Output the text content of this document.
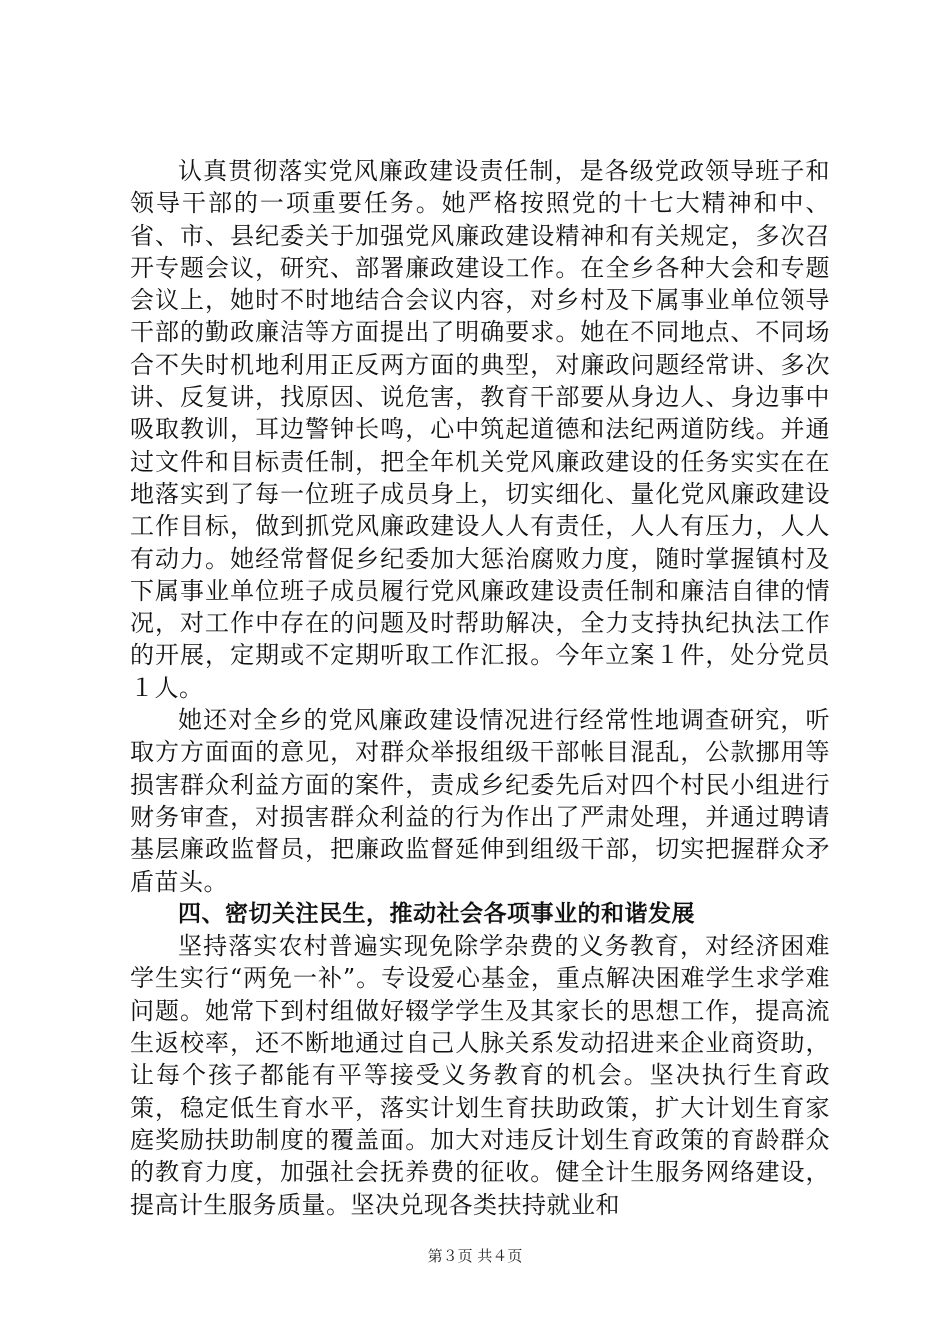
认真贯彻落实党风廉政建设责任制，是各级党政领导班子和领导干部的一项重要任务。她严格按照党的十七大精神和中、省、市、县纪委关于加强党风廉政建设精神和有关规定，多次召开专题会议，研究、部署廉政建设工作。在全乡各种大会和专题会议上，她时不时地结合会议内容，对乡村及下属事业单位领导干部的勤政廉洁等方面提出了明确要求。她在不同地点、不同场合不失时机地利用正反两方面的典型，对廉政问题经常讲、多次讲、反复讲，找原因、说危害，教育干部要从身边人、身边事中吸取教训，耳边警钟长鸣，心中筑起道德和法纪两道防线。并通过文件和目标责任制，把全年机关党风廉政建设的任务实实在在地落实到了每一位班子成员身上，切实细化、量化党风廉政建设工作目标，做到抓党风廉政建设人人有责任，人人有压力，人人有动力。她经常督促乡纪委加大惩治腐败力度，随时掌握镇村及下属事业单位班子成员履行党风廉政建设责任制和廉洁自律的情况，对工作中存在的问题及时帮助解决，全力支持执纪执法工作的开展，定期或不定期听取工作汇报。今年立案１件，处分党员１人。

她还对全乡的党风廉政建设情况进行经常性地调查研究，听取方方面面的意见，对群众举报组级干部帐目混乱，公款挪用等损害群众利益方面的案件，责成乡纪委先后对四个村民小组进行财务审查，对损害群众利益的行为作出了严肃处理，并通过聘请基层廉政监督员，把廉政监督延伸到组级干部，切实把握群众矛盾苗头。

四、密切关注民生，推动社会各项事业的和谐发展

坚持落实农村普遍实现免除学杂费的义务教育，对经济困难学生实行“两免一补”。专设爱心基金，重点解决困难学生求学难问题。她常下到村组做好辍学学生及其家长的思想工作，提高流生返校率，还不断地通过自己人脉关系发动招进来企业商资助，让每个孩子都能有平等接受义务教育的机会。坚决执行生育政策，稳定低生育水平，落实计划生育扶助政策，扩大计划生育家庭奖励扶助制度的覆盖面。加大对违反计划生育政策的育龄群众的教育力度，加强社会抚养费的征收。健全计生服务网络建设，提高计生服务质量。坚决兑现各类扶持就业和

第３页 共４页
